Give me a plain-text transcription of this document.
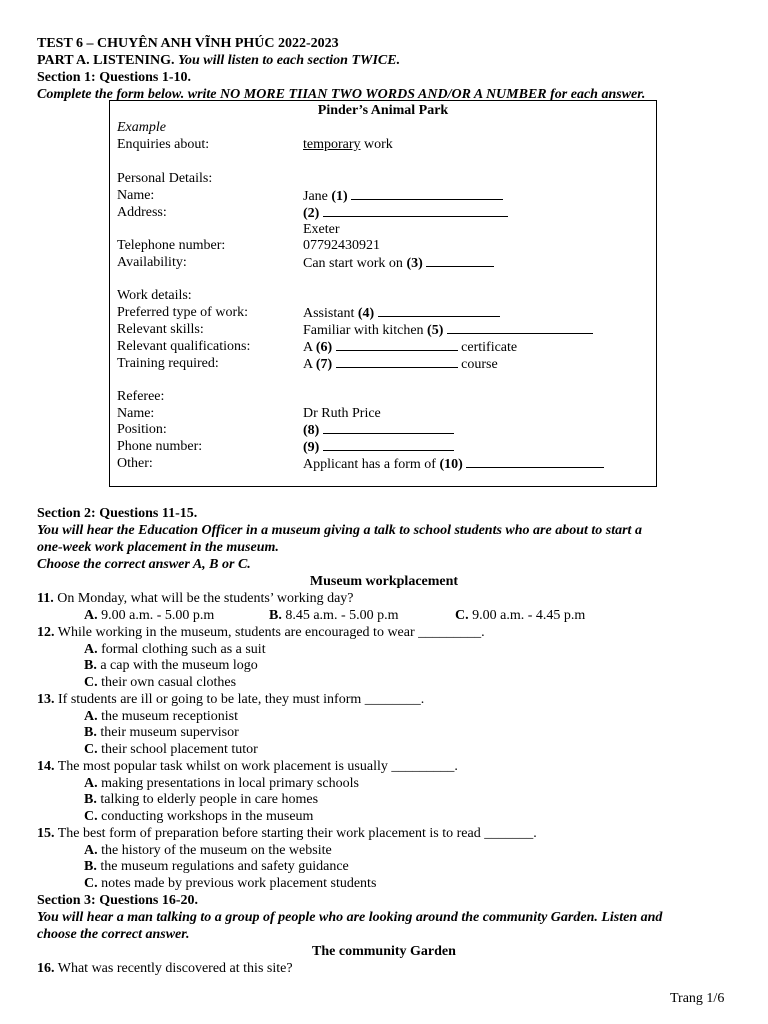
TEST 6 – CHUYÊN ANH VĨNH PHÚC 2022-2023
PART A. LISTENING. You will listen to each section TWICE.
Section 1: Questions 1-10.
Complete the form below. write NO MORE TIIAN TWO WORDS AND/OR A NUMBER for each answer.
Pinder’s Animal Park
Example
Enquiries about:	temporary work
Personal Details:
Name:	Jane (1)
Address:	(2)
Exeter
Telephone number:	07792430921
Availability:	Can start work on (3)
Work details:
Preferred type of work:	Assistant (4)
Relevant skills:	Familiar with kitchen (5)
Relevant qualifications:	A (6)	certificate
Training required:	A (7)	course
Referee:
Name:	Dr Ruth Price
Position:	(8)
Phone number:	(9)
Other:	Applicant has a form of (10)
Section 2: Questions 11-15.
You will hear the Education Officer in a museum giving a talk to school students who are about to start a
one-week work placement in the museum.
Choose the correct answer A, B or C.
Museum workplacement
11. On Monday, what will be the students’ working day?
A. 9.00 a.m. - 5.00 p.m	B. 8.45 a.m. - 5.00 p.m	C. 9.00 a.m. - 4.45 p.m
12. While working in the museum, students are encouraged to wear _________.
A. formal clothing such as a suit
B. a cap with the museum logo
C. their own casual clothes
13. If students are ill or going to be late, they must inform ________.
A. the museum receptionist
B. their museum supervisor
C. their school placement tutor
14. The most popular task whilst on work placement is usually _________.
A. making presentations in local primary schools
B. talking to elderly people in care homes
C. conducting workshops in the museum
15. The best form of preparation before starting their work placement is to read _______.
A. the history of the museum on the website
B. the museum regulations and safety guidance
C. notes made by previous work placement students
Section 3: Questions 16-20.
You will hear a man talking to a group of people who are looking around the community Garden. Listen and
choose the correct answer.
The community Garden
16. What was recently discovered at this site?
Trang 1/6
